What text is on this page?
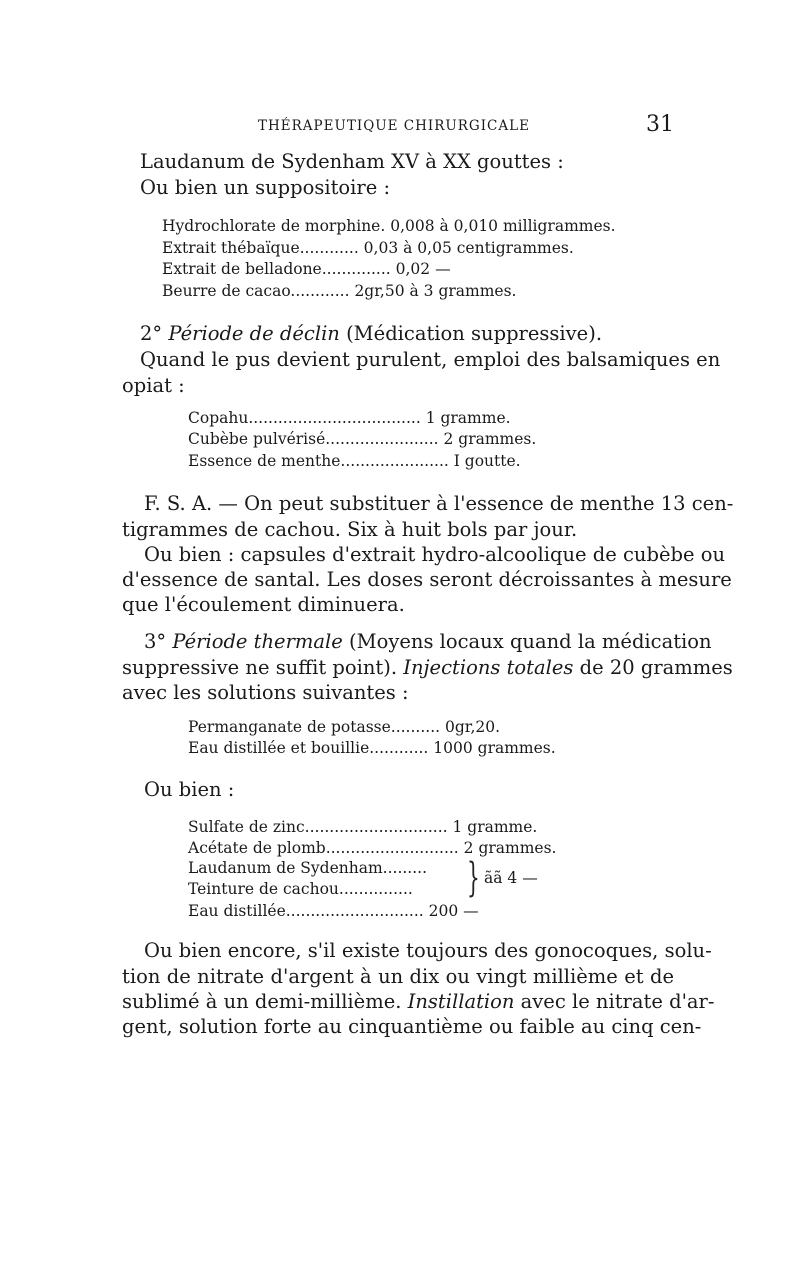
THÉRAPEUTIQUE CHIRURGICALE	31
Laudanum de Sydenham XV à XX gouttes :
Ou bien un suppositoire :
Hydrochlorate de morphine. 0,008 à 0,010 milligrammes.
Extrait thébaïque............ 0,03 à 0,05 centigrammes.
Extrait de belladone.............. 0,02 —
Beurre de cacao............ 2gr,50 à 3 grammes.
2° Période de déclin (Médication suppressive).
Quand le pus devient purulent, emploi des balsamiques en
opiat :
Copahu................................... 1 gramme.
Cubèbe pulvérisé....................... 2 grammes.
Essence de menthe...................... I goutte.
F. S. A. — On peut substituer à l'essence de menthe 13 cen-
tigrammes de cachou. Six à huit bols par jour.
Ou bien : capsules d'extrait hydro-alcoolique de cubèbe ou
d'essence de santal. Les doses seront décroissantes à mesure
que l'écoulement diminuera.
3° Période thermale (Moyens locaux quand la médication
suppressive ne suffit point). Injections totales de 20 grammes
avec les solutions suivantes :
Permanganate de potasse.......... 0gr,20.
Eau distillée et bouillie............ 1000 grammes.
Ou bien :
Sulfate de zinc............................. 1 gramme.
Acétate de plomb........................... 2 grammes.
Laudanum de Sydenham.........
Teinture de cachou............... } ãã 4 —
Eau distillée............................ 200 —
Ou bien encore, s'il existe toujours des gonocoques, solu-
tion de nitrate d'argent à un dix ou vingt millième et de
sublimé à un demi-millième. Instillation avec le nitrate d'ar-
gent, solution forte au cinquantième ou faible au cinq cen-
